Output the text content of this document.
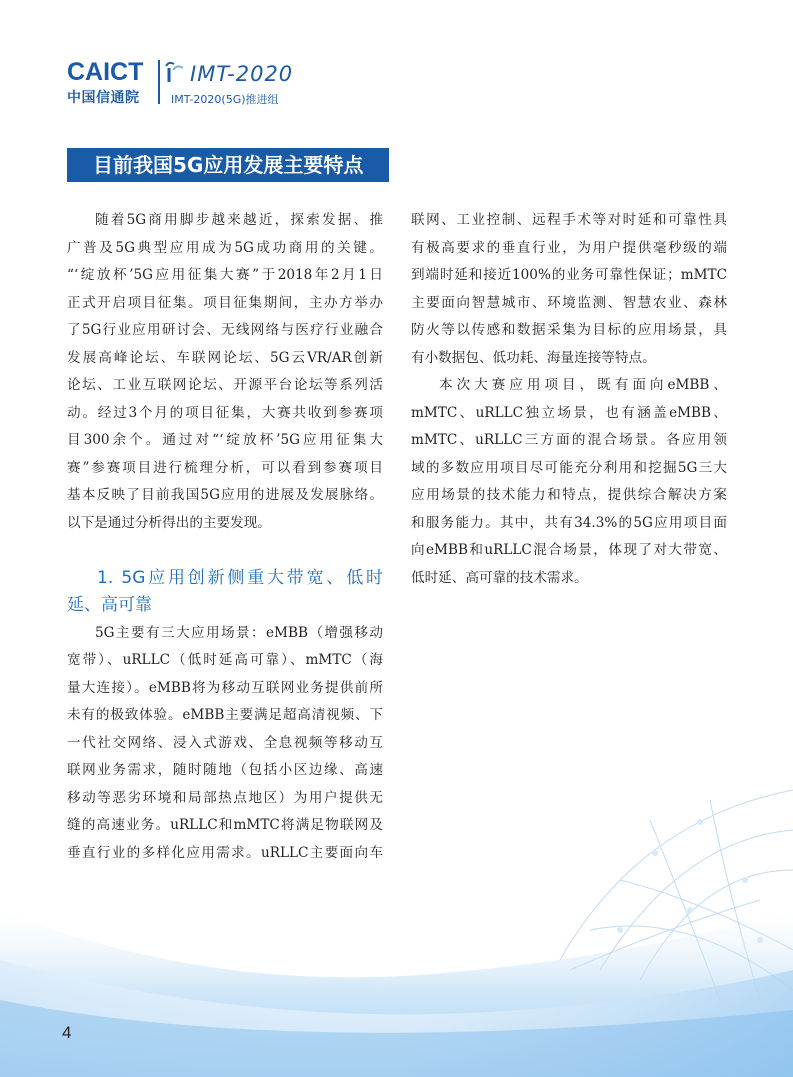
CAICT
中国信通院
IMT-2020
IMT-2020(5G)推进组
目前我国5G应用发展主要特点
随着5G商用脚步越来越近，探索发据、推
广普及5G典型应用成为5G成功商用的关键。
“‘绽放杯’5G应用征集大赛”于2018年2月1日
正式开启项目征集。项目征集期间，主办方举办
了5G行业应用研讨会、无线网络与医疗行业融合
发展高峰论坛、车联网论坛、5G云VR/AR创新
论坛、工业互联网论坛、开源平台论坛等系列活
动。经过3个月的项目征集，大赛共收到参赛项
目300余个。通过对“‘绽放杯’5G应用征集大
赛”参赛项目进行梳理分析，可以看到参赛项目
基本反映了目前我国5G应用的进展及发展脉络。
以下是通过分析得出的主要发现。
1. 5G应用创新侧重大带宽、低时
延、高可靠
5G主要有三大应用场景：eMBB（增强移动
宽带）、uRLLC（低时延高可靠）、mMTC（海
量大连接）。eMBB将为移动互联网业务提供前所
未有的极致体验。eMBB主要满足超高清视频、下
一代社交网络、浸入式游戏、全息视频等移动互
联网业务需求，随时随地（包括小区边缘、高速
移动等恶劣环境和局部热点地区）为用户提供无
缝的高速业务。uRLLC和mMTC将满足物联网及
垂直行业的多样化应用需求。uRLLC主要面向车
联网、工业控制、远程手术等对时延和可靠性具
有极高要求的垂直行业，为用户提供毫秒级的端
到端时延和接近100%的业务可靠性保证；mMTC
主要面向智慧城市、环境监测、智慧农业、森林
防火等以传感和数据采集为目标的应用场景，具
有小数据包、低功耗、海量连接等特点。
本次大赛应用项目，既有面向eMBB、
mMTC、uRLLC独立场景，也有涵盖eMBB、
mMTC、uRLLC三方面的混合场景。各应用领
域的多数应用项目尽可能充分利用和挖掘5G三大
应用场景的技术能力和特点，提供综合解决方案
和服务能力。其中，共有34.3%的5G应用项目面
向eMBB和uRLLC混合场景，体现了对大带宽、
低时延、高可靠的技术需求。
4
